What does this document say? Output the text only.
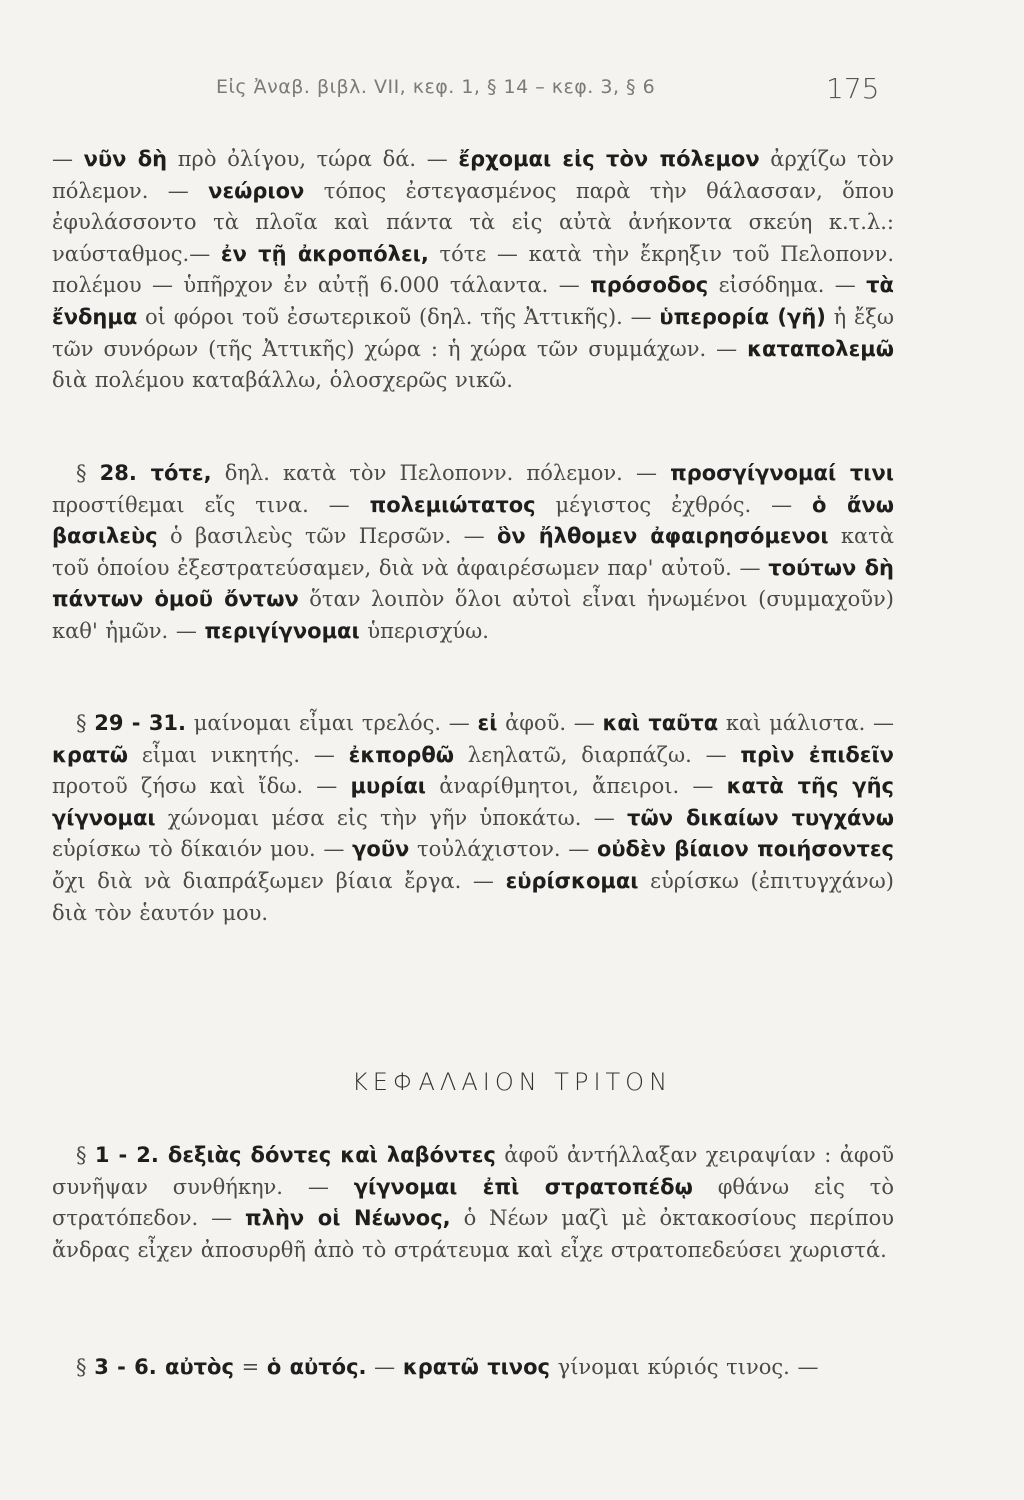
Εἰς Ἀναβ. βιβλ. VII, κεφ. 1, § 14 – κεφ. 3, § 6	175
— νῦν δὴ πρὸ ὀλίγου, τώρα δά. — ἔρχομαι εἰς τὸν πόλεμον ἀρχίζω τὸν πόλεμον. — νεώριον τόπος ἐστεγασμένος παρὰ τὴν θάλασσαν, ὅπου ἐφυλάσσοντο τὰ πλοῖα καὶ πάντα τὰ εἰς αὐτὰ ἀνήκοντα σκεύη κ.τ.λ.: ναύσταθμος.— ἐν τῇ ἀκροπόλει, τότε — κατὰ τὴν ἔκρηξιν τοῦ Πελοπονν. πολέμου — ὑπῆρχον ἐν αὐτῇ 6.000 τάλαντα. — πρόσοδος εἰσόδημα. — τὰ ἔνδημα οἱ φόροι τοῦ ἐσωτερικοῦ (δηλ. τῆς Ἀττικῆς). — ὑπερορία (γῆ) ἡ ἔξω τῶν συνόρων (τῆς Ἀττικῆς) χώρα : ἡ χώρα τῶν συμμάχων. — καταπολεμῶ διὰ πολέμου καταβάλλω, ὁλοσχερῶς νικῶ.
§ 28. τότε, δηλ. κατὰ τὸν Πελοπονν. πόλεμον. — προσγίγνομαί τινι προστίθεμαι εἴς τινα. — πολεμιώτατος μέγιστος ἐχθρός. — ὁ ἄνω βασιλεὺς ὁ βασιλεὺς τῶν Περσῶν. — ὃν ἤλθομεν ἀφαιρησόμενοι κατὰ τοῦ ὁποίου ἐξεστρατεύσαμεν, διὰ νὰ ἀφαιρέσωμεν παρ' αὐτοῦ. — τούτων δὴ πάντων ὁμοῦ ὄντων ὅταν λοιπὸν ὅλοι αὐτοὶ εἶναι ἡνωμένοι (συμμαχοῦν) καθ' ἡμῶν. — περιγίγνομαι ὑπερισχύω.
§ 29 - 31. μαίνομαι εἶμαι τρελός. — εἰ ἀφοῦ. — καὶ ταῦτα καὶ μάλιστα. — κρατῶ εἶμαι νικητής. — ἐκπορθῶ λεηλατῶ, διαρπάζω. — πρὶν ἐπιδεῖν προτοῦ ζήσω καὶ ἴδω. — μυρίαι ἀναρίθμητοι, ἄπειροι. — κατὰ τῆς γῆς γίγνομαι χώνομαι μέσα εἰς τὴν γῆν ὑποκάτω. — τῶν δικαίων τυγχάνω εὑρίσκω τὸ δίκαιόν μου. — γοῦν τοὐλάχιστον. — οὐδὲν βίαιον ποιήσοντες ὄχι διὰ νὰ διαπράξωμεν βίαια ἔργα. — εὑρίσκομαι εὑρίσκω (ἐπιτυγχάνω) διὰ τὸν ἑαυτόν μου.
ΚΕΦΑΛΑΙΟΝ ΤΡΙΤΟΝ
§ 1 - 2. δεξιὰς δόντες καὶ λαβόντες ἀφοῦ ἀντήλλαξαν χειραψίαν : ἀφοῦ συνῆψαν συνθήκην. — γίγνομαι ἐπὶ στρατοπέδῳ φθάνω εἰς τὸ στρατόπεδον. — πλὴν οἱ Νέωνος, ὁ Νέων μαζὶ μὲ ὀκτακοσίους περίπου ἄνδρας εἶχεν ἀποσυρθῆ ἀπὸ τὸ στράτευμα καὶ εἶχε στρατοπεδεύσει χωριστά.
§ 3 - 6. αὐτὸς = ὁ αὐτός. — κρατῶ τινος γίνομαι κύριός τινος. —
